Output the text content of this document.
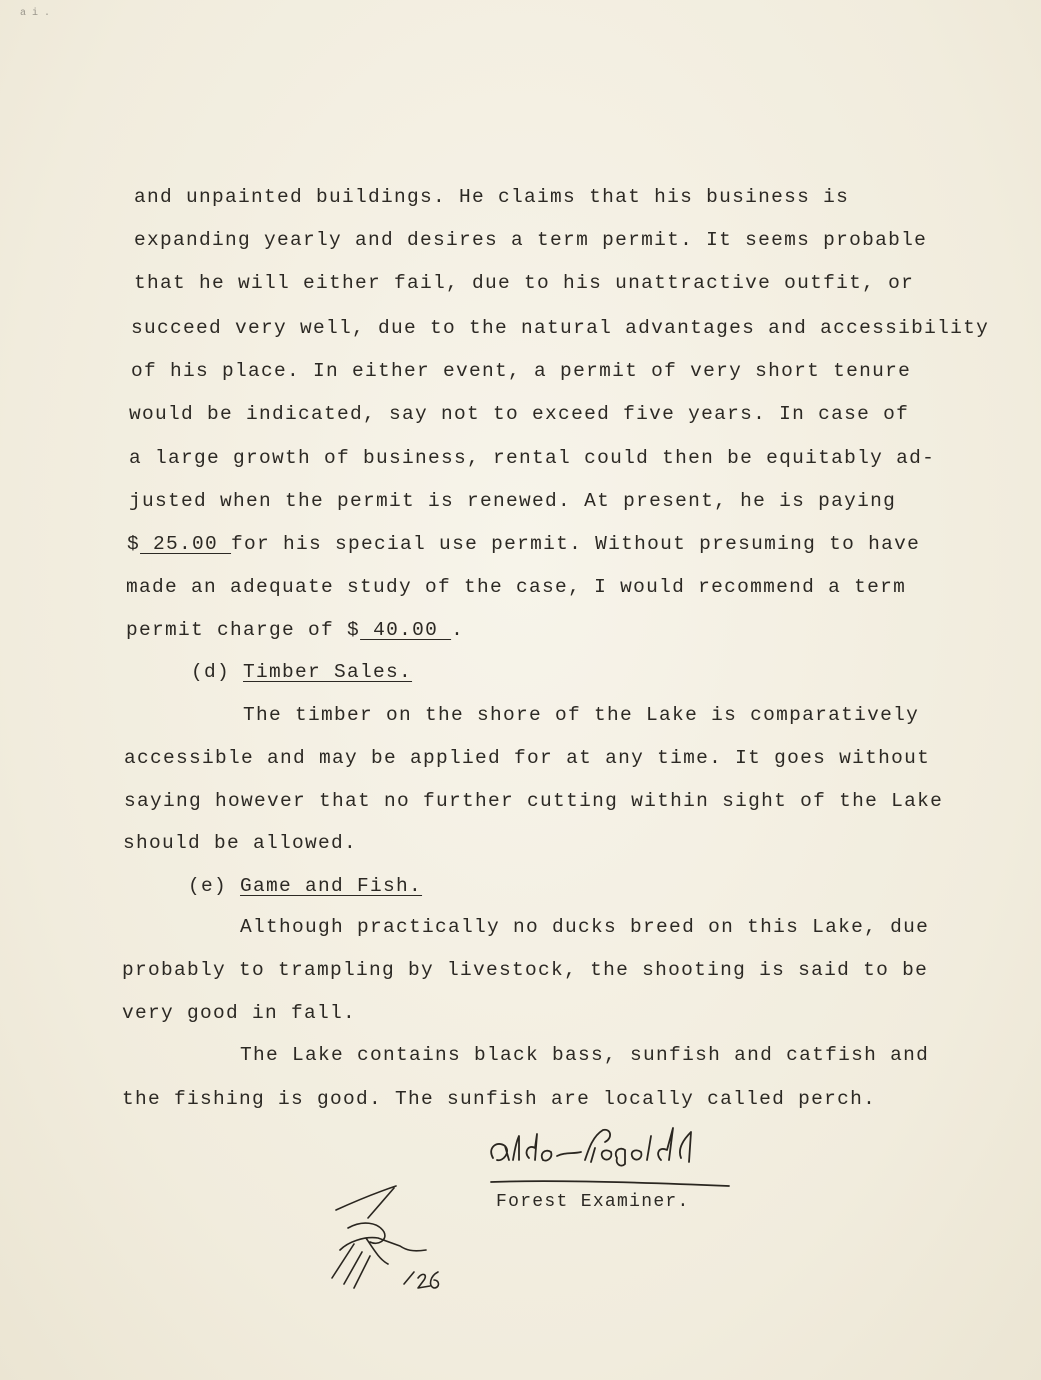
a i .
and unpainted buildings. He claims that his business is
expanding yearly and desires a term permit. It seems probable
that he will either fail, due to his unattractive outfit, or
succeed very well, due to the natural advantages and accessibility
of his place. In either event, a permit of very short tenure
would be indicated, say not to exceed five years. In case of
a large growth of business, rental could then be equitably ad-
justed when the permit is renewed. At present, he is paying
$ 25.00 for his special use permit. Without presuming to have
made an adequate study of the case, I would recommend a term
permit charge of $ 40.00 .
(d) Timber Sales.
The timber on the shore of the Lake is comparatively
accessible and may be applied for at any time. It goes without
saying however that no further cutting within sight of the Lake
should be allowed.
(e) Game and Fish.
Although practically no ducks breed on this Lake, due
probably to trampling by livestock, the shooting is said to be
very good in fall.
The Lake contains black bass, sunfish and catfish and
the fishing is good. The sunfish are locally called perch.
Forest Examiner.
